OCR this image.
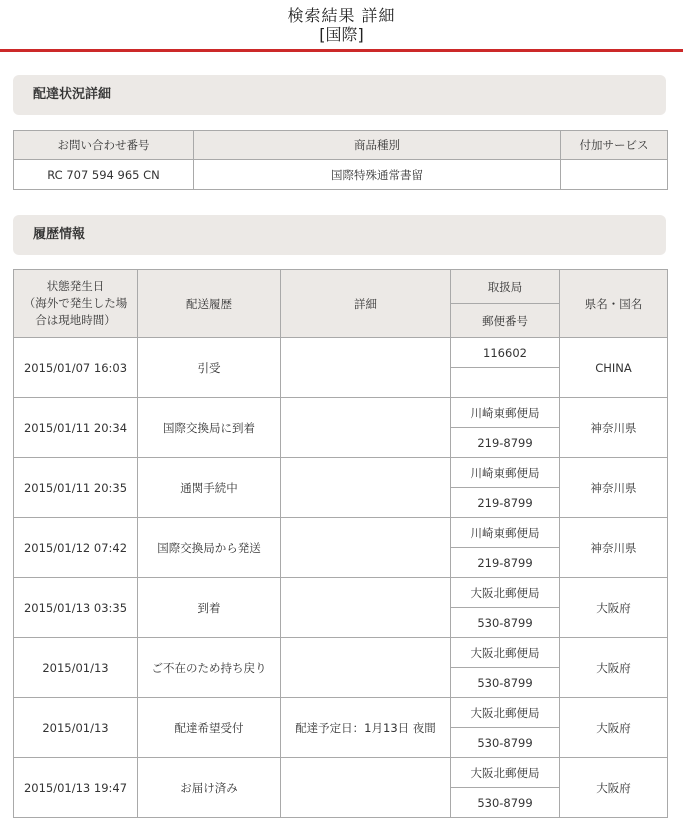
検索結果 詳細
[国際]
配達状況詳細
お問い合わせ番号	商品種別	付加サービス
RC 707 594 965 CN	国際特殊通常書留	
履歴情報
状態発生日
（海外で発生した場
合は現地時間）	配送履歴	詳細	取扱局	県名・国名
			郵便番号	
2015/01/07 16:03	引受		116602	CHINA

2015/01/11 20:34	国際交換局に到着		川崎東郵便局	神奈川県
			219-8799	
2015/01/11 20:35	通関手続中		川崎東郵便局	神奈川県
			219-8799	
2015/01/12 07:42	国際交換局から発送		川崎東郵便局	神奈川県
			219-8799	
2015/01/13 03:35	到着		大阪北郵便局	大阪府
			530-8799	
2015/01/13	ご不在のため持ち戻り		大阪北郵便局	大阪府
			530-8799	
2015/01/13	配達希望受付	配達予定日：1月13日 夜間	大阪北郵便局	大阪府
			530-8799	
2015/01/13 19:47	お届け済み		大阪北郵便局	大阪府
			530-8799	
